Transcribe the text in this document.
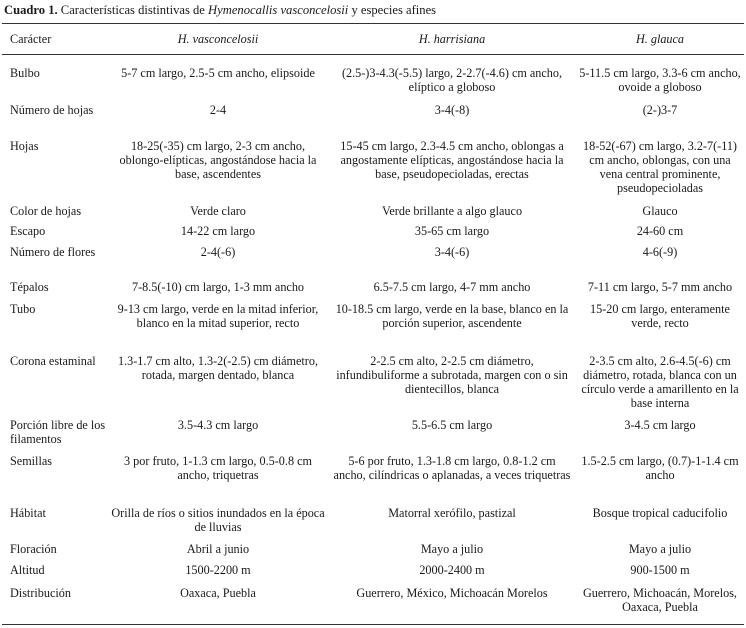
Cuadro 1. Características distintivas de Hymenocallis vasconcelosii y especies afines
Carácter	H. vasconcelosii	H. harrisiana	H. glauca
Bulbo	5-7 cm largo, 2.5-5 cm ancho, elipsoide	(2.5-)3-4.3(-5.5) largo, 2-2.7(-4.6) cm ancho, elíptico a globoso	5-11.5 cm largo, 3.3-6 cm ancho, ovoide a globoso
Número de hojas	2-4	3-4(-8)	(2-)3-7
Hojas	18-25(-35) cm largo, 2-3 cm ancho, oblongo-elípticas, angostándose hacia la base, ascendentes	15-45 cm largo, 2.3-4.5 cm ancho, oblongas a angostamente elípticas, angostándose hacia la base, pseudopecioladas, erectas	18-52(-67) cm largo, 3.2-7(-11) cm ancho, oblongas, con una vena central prominente, pseudopecioladas
Color de hojas	Verde claro	Verde brillante a algo glauco	Glauco
Escapo	14-22 cm largo	35-65 cm largo	24-60 cm
Número de flores	2-4(-6)	3-4(-6)	4-6(-9)
Tépalos	7-8.5(-10) cm largo, 1-3 mm ancho	6.5-7.5 cm largo, 4-7 mm ancho	7-11 cm largo, 5-7 mm ancho
Tubo	9-13 cm largo, verde en la mitad inferior, blanco en la mitad superior, recto	10-18.5 cm largo, verde en la base, blanco en la porción superior, ascendente	15-20 cm largo, enteramente verde, recto
Corona estaminal	1.3-1.7 cm alto, 1.3-2(-2.5) cm diámetro, rotada, margen dentado, blanca	2-2.5 cm alto, 2-2.5 cm diámetro, infundibuliforme a subrotada, margen con o sin dientecillos, blanca	2-3.5 cm alto, 2.6-4.5(-6) cm diámetro, rotada, blanca con un círculo verde a amarillento en la base interna
Porción libre de los filamentos	3.5-4.3 cm largo	5.5-6.5 cm largo	3-4.5 cm largo
Semillas	3 por fruto, 1-1.3 cm largo, 0.5-0.8 cm ancho, triquetras	5-6 por fruto, 1.3-1.8 cm largo, 0.8-1.2 cm ancho, cilíndricas o aplanadas, a veces triquetras	1.5-2.5 cm largo, (0.7)-1-1.4 cm ancho
Hábitat	Orilla de ríos o sitios inundados en la época de lluvias	Matorral xerófilo, pastizal	Bosque tropical caducifolio
Floración	Abril a junio	Mayo a julio	Mayo a julio
Altitud	1500-2200 m	2000-2400 m	900-1500 m
Distribución	Oaxaca, Puebla	Guerrero, México, Michoacán Morelos	Guerrero, Michoacán, Morelos, Oaxaca, Puebla
